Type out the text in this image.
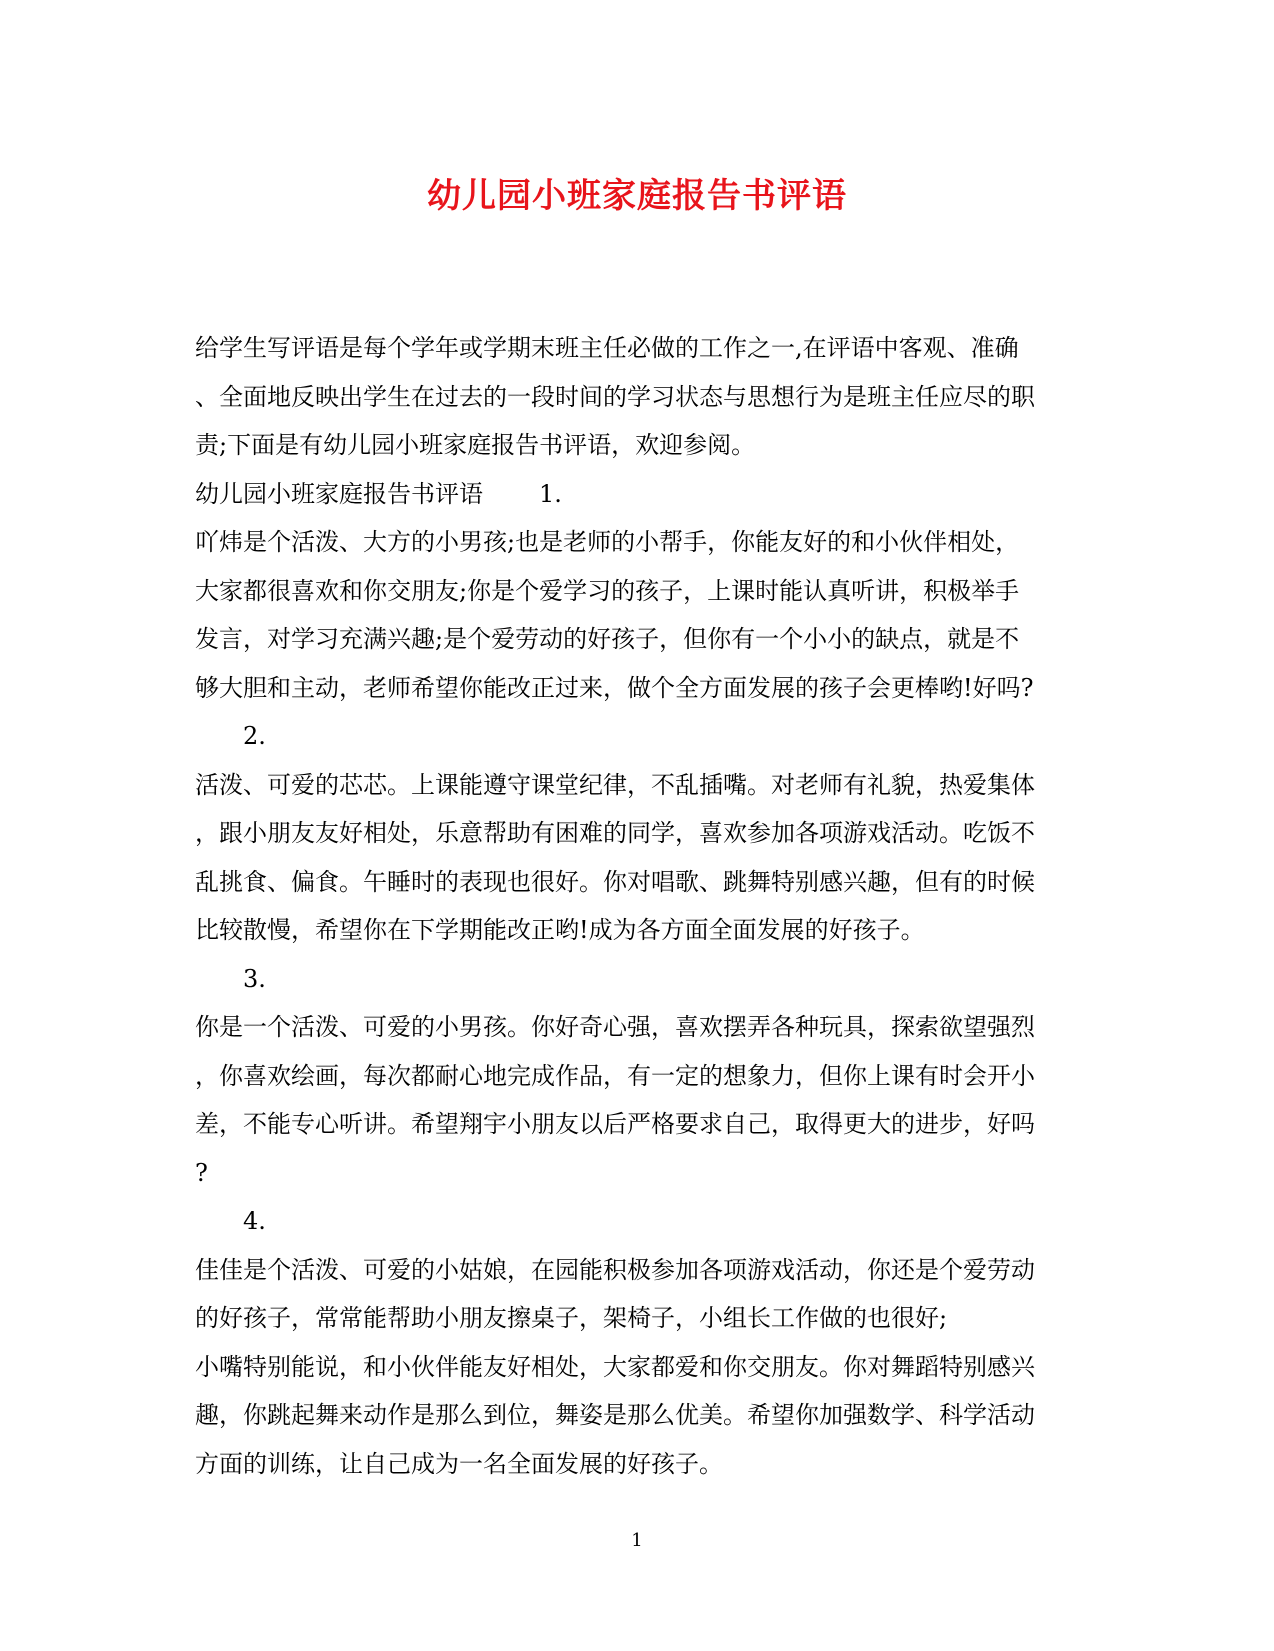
幼儿园小班家庭报告书评语

给学生写评语是每个学年或学期末班主任必做的工作之一,在评语中客观、准确
、全面地反映出学生在过去的一段时间的学习状态与思想行为是班主任应尽的职
责;下面是有幼儿园小班家庭报告书评语，欢迎参阅。

幼儿园小班家庭报告书评语 1.

吖炜是个活泼、大方的小男孩;也是老师的小帮手，你能友好的和小伙伴相处，
大家都很喜欢和你交朋友;你是个爱学习的孩子，上课时能认真听讲，积极举手
发言，对学习充满兴趣;是个爱劳动的好孩子，但你有一个小小的缺点，就是不
够大胆和主动，老师希望你能改正过来，做个全方面发展的孩子会更棒哟!好吗?

2.

活泼、可爱的芯芯。上课能遵守课堂纪律，不乱插嘴。对老师有礼貌，热爱集体
，跟小朋友友好相处，乐意帮助有困难的同学，喜欢参加各项游戏活动。吃饭不
乱挑食、偏食。午睡时的表现也很好。你对唱歌、跳舞特别感兴趣，但有的时候
比较散慢，希望你在下学期能改正哟!成为各方面全面发展的好孩子。

3.

你是一个活泼、可爱的小男孩。你好奇心强，喜欢摆弄各种玩具，探索欲望强烈
，你喜欢绘画，每次都耐心地完成作品，有一定的想象力，但你上课有时会开小
差，不能专心听讲。希望翔宇小朋友以后严格要求自己，取得更大的进步，好吗
?

4.

佳佳是个活泼、可爱的小姑娘，在园能积极参加各项游戏活动，你还是个爱劳动
的好孩子，常常能帮助小朋友擦桌子，架椅子，小组长工作做的也很好;
小嘴特别能说，和小伙伴能友好相处，大家都爱和你交朋友。你对舞蹈特别感兴
趣，你跳起舞来动作是那么到位，舞姿是那么优美。希望你加强数学、科学活动
方面的训练，让自己成为一名全面发展的好孩子。

1
